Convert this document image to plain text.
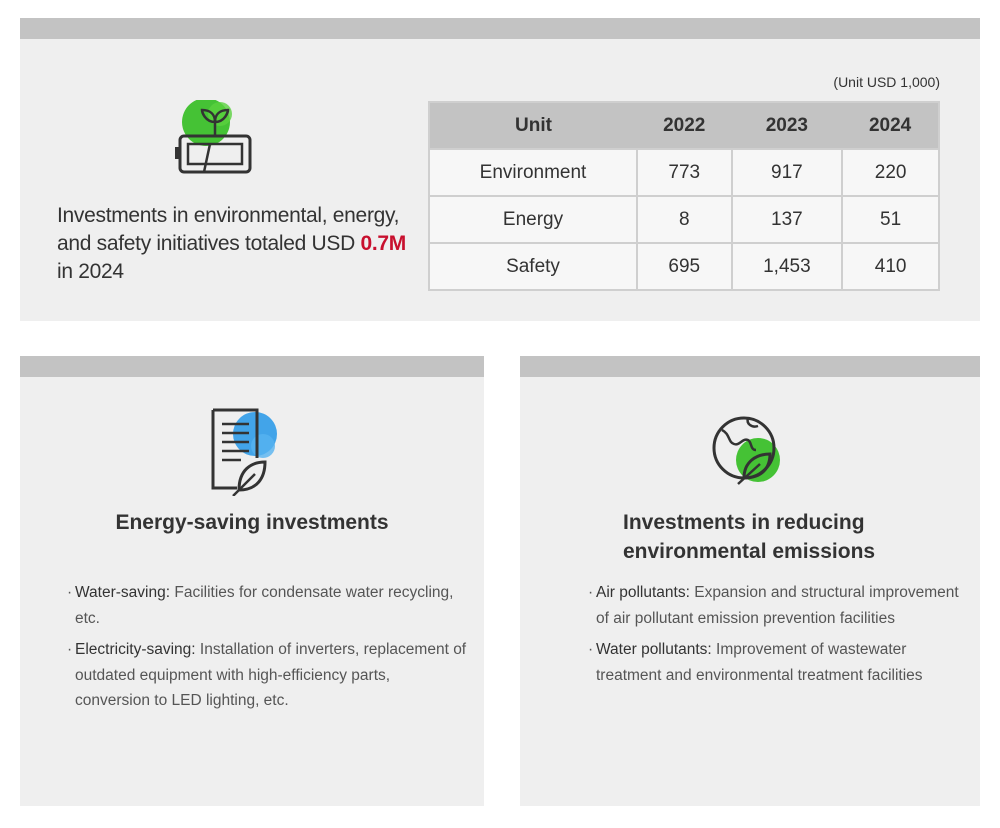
Investments in environmental, energy, and safety initiatives totaled USD 0.7M in 2024

(Unit USD 1,000)
Unit	2022	2023	2024
Environment	773	917	220
Energy	8	137	51
Safety	695	1,453	410
Energy-saving investments
· Water-saving: Facilities for condensate water recycling, etc.
· Electricity-saving: Installation of inverters, replacement of outdated equipment with high-efficiency parts, conversion to LED lighting, etc.
Investments in reducing
environmental emissions
· Air pollutants: Expansion and structural improvement of air pollutant emission prevention facilities
· Water pollutants: Improvement of wastewater treatment and environmental treatment facilities
